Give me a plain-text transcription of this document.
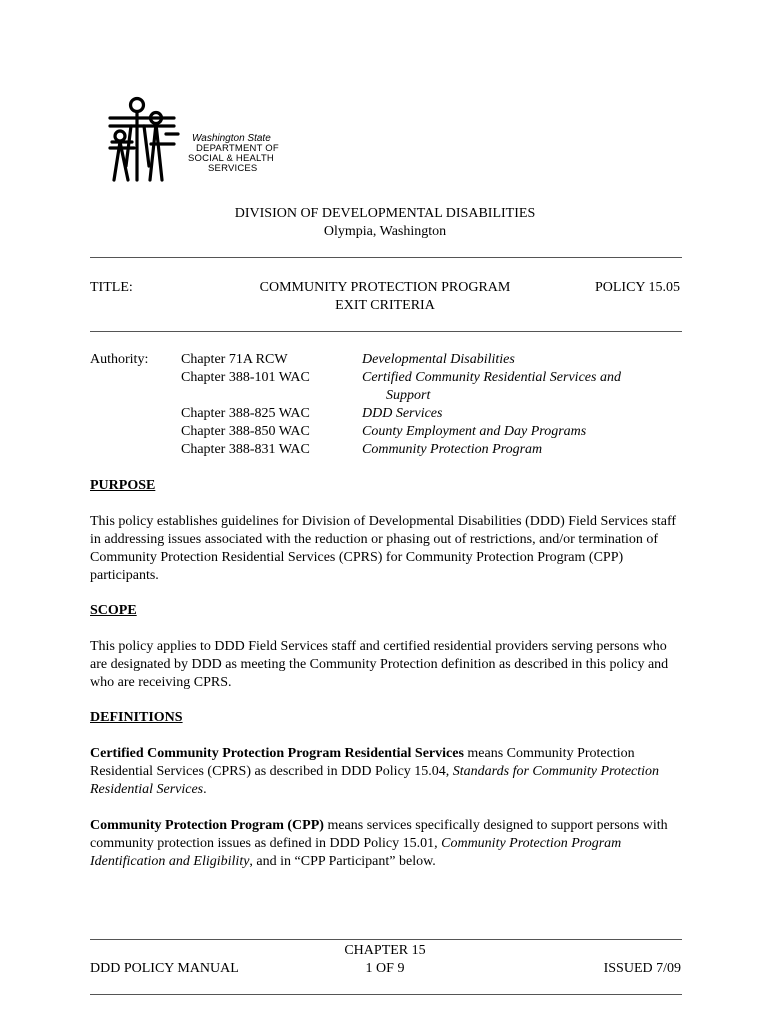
Washington State
DEPARTMENT OF
SOCIAL & HEALTH
SERVICES
DIVISION OF DEVELOPMENTAL DISABILITIES
Olympia, Washington
TITLE:	COMMUNITY PROTECTION PROGRAM
EXIT CRITERIA
POLICY 15.05
Authority: Chapter 71A RCW
Chapter 388-101 WAC
Chapter 388-825 WAC
Chapter 388-850 WAC
Chapter 388-831 WAC
Developmental Disabilities
Certified Community Residential Services and
Support
DDD Services
County Employment and Day Programs
Community Protection Program
PURPOSE
This policy establishes guidelines for Division of Developmental Disabilities (DDD) Field Services staff in addressing issues associated with the reduction or phasing out of restrictions, and/or termination of Community Protection Residential Services (CPRS) for Community Protection Program (CPP) participants.
SCOPE
This policy applies to DDD Field Services staff and certified residential providers serving persons who are designated by DDD as meeting the Community Protection definition as described in this policy and who are receiving CPRS.
DEFINITIONS
Certified Community Protection Program Residential Services means Community Protection Residential Services (CPRS) as described in DDD Policy 15.04, Standards for Community Protection Residential Services.
Community Protection Program (CPP) means services specifically designed to support persons with community protection issues as defined in DDD Policy 15.01, Community Protection Program Identification and Eligibility, and in “CPP Participant” below.
DDD POLICY MANUAL
CHAPTER 15
1 OF 9	ISSUED 7/09
